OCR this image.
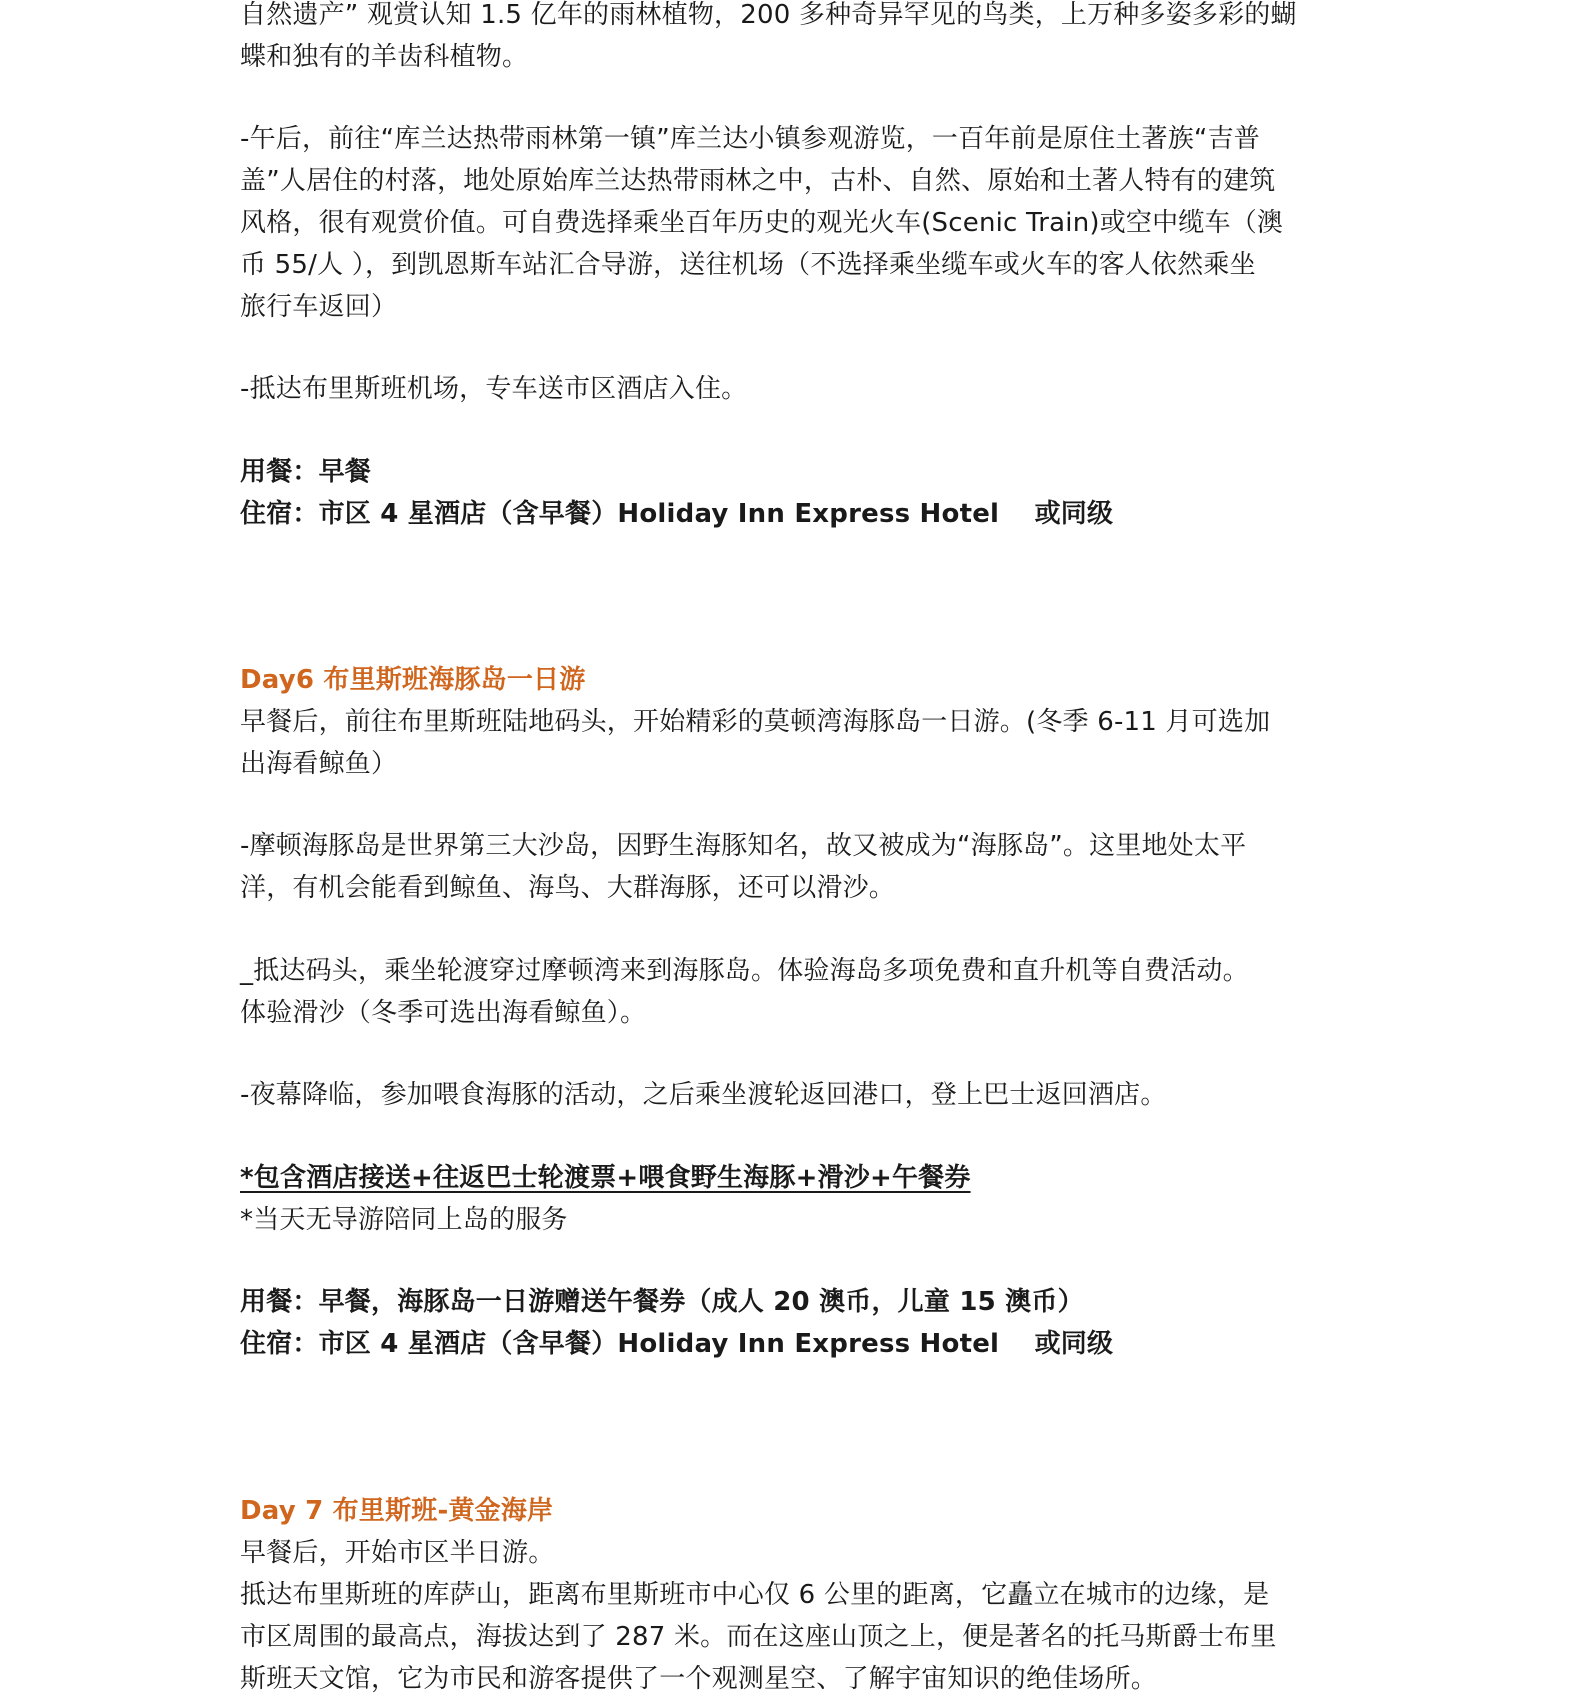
自然遗产” 观赏认知 1.5 亿年的雨林植物，200 多种奇异罕见的鸟类，上万种多姿多彩的蝴
蝶和独有的羊齿科植物。
-午后，前往“库兰达热带雨林第一镇”库兰达小镇参观游览，一百年前是原住土著族“吉普
盖”人居住的村落，地处原始库兰达热带雨林之中，古朴、自然、原始和土著人特有的建筑
风格，很有观赏价值。可自费选择乘坐百年历史的观光火车(Scenic Train)或空中缆车（澳
币 55/人 ），到凯恩斯车站汇合导游，送往机场（不选择乘坐缆车或火车的客人依然乘坐
旅行车返回）
-抵达布里斯班机场，专车送市区酒店入住。
用餐：早餐
住宿：市区 4 星酒店（含早餐）Holiday Inn Express Hotel 　或同级
Day6 布里斯班海豚岛一日游
早餐后，前往布里斯班陆地码头，开始精彩的莫顿湾海豚岛一日游。(冬季 6-11 月可选加
出海看鲸鱼）
-摩顿海豚岛是世界第三大沙岛，因野生海豚知名，故又被成为“海豚岛”。这里地处太平
洋，有机会能看到鲸鱼、海鸟、大群海豚，还可以滑沙。
_抵达码头，乘坐轮渡穿过摩顿湾来到海豚岛。体验海岛多项免费和直升机等自费活动。
体验滑沙（冬季可选出海看鲸鱼）。
-夜幕降临，参加喂食海豚的活动，之后乘坐渡轮返回港口，登上巴士返回酒店。
*包含酒店接送+往返巴士轮渡票+喂食野生海豚+滑沙+午餐券
*当天无导游陪同上岛的服务
用餐：早餐，海豚岛一日游赠送午餐券（成人 20 澳币，儿童 15 澳币）
住宿：市区 4 星酒店（含早餐）Holiday Inn Express Hotel 　或同级
Day 7 布里斯班-黄金海岸
早餐后，开始市区半日游。
抵达布里斯班的库萨山，距离布里斯班市中心仅 6 公里的距离，它矗立在城市的边缘，是
市区周围的最高点，海拔达到了 287 米。而在这座山顶之上，便是著名的托马斯爵士布里
斯班天文馆，它为市民和游客提供了一个观测星空、了解宇宙知识的绝佳场所。
